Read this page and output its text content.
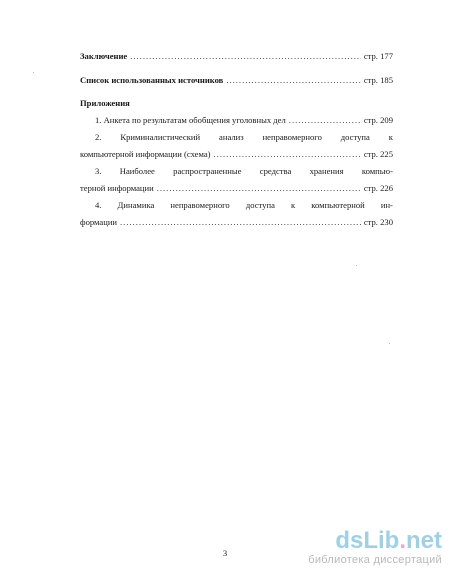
Заключение .....	стр. 177
Список использованных источников .....	стр. 185
Приложения
1. Анкета по результатам обобщения уголовных дел .....	стр. 209
2. Криминалистический анализ неправомерного доступа к
компьютерной информации (схема) .....	стр. 225
3. Наиболее распространенные средства хранения компью-
терной информации .....	стр. 226
4. Динамика неправомерного доступа к компьютерной ин-
формации .....	стр. 230
3	dsLib.net
библиотека диссертаций
